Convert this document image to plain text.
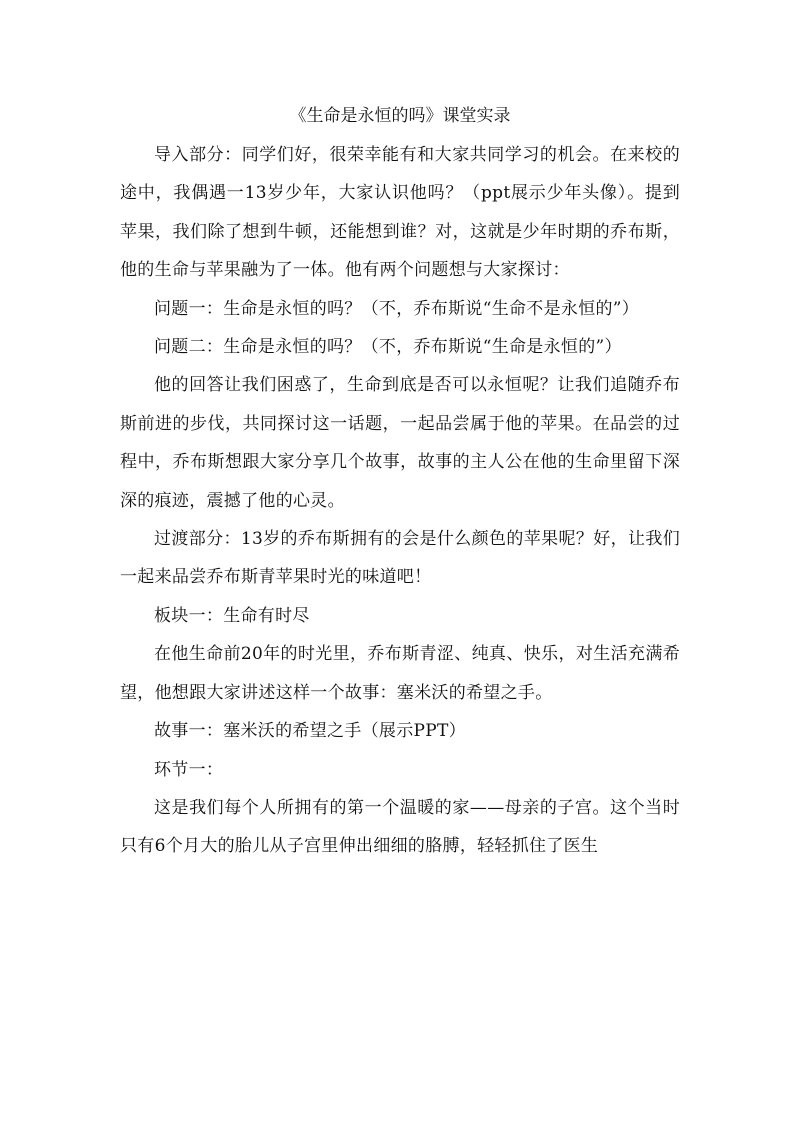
《生命是永恒的吗》课堂实录

导入部分：同学们好，很荣幸能有和大家共同学习的机会。在来校的途中，我偶遇一13岁少年，大家认识他吗？（ppt展示少年头像）。提到苹果，我们除了想到牛顿，还能想到谁？对，这就是少年时期的乔布斯，他的生命与苹果融为了一体。他有两个问题想与大家探讨：

问题一：生命是永恒的吗？（不，乔布斯说“生命不是永恒的”）

问题二：生命是永恒的吗？（不，乔布斯说“生命是永恒的”）

他的回答让我们困惑了，生命到底是否可以永恒呢？让我们追随乔布斯前进的步伐，共同探讨这一话题，一起品尝属于他的苹果。在品尝的过程中，乔布斯想跟大家分享几个故事，故事的主人公在他的生命里留下深深的痕迹，震撼了他的心灵。

过渡部分：13岁的乔布斯拥有的会是什么颜色的苹果呢？好，让我们一起来品尝乔布斯青苹果时光的味道吧！

板块一：生命有时尽

在他生命前20年的时光里，乔布斯青涩、纯真、快乐，对生活充满希望，他想跟大家讲述这样一个故事：塞米沃的希望之手。

故事一：塞米沃的希望之手（展示PPT）

环节一：

这是我们每个人所拥有的第一个温暖的家——母亲的子宫。这个当时只有6个月大的胎儿从子宫里伸出细细的胳膊，轻轻抓住了医生
